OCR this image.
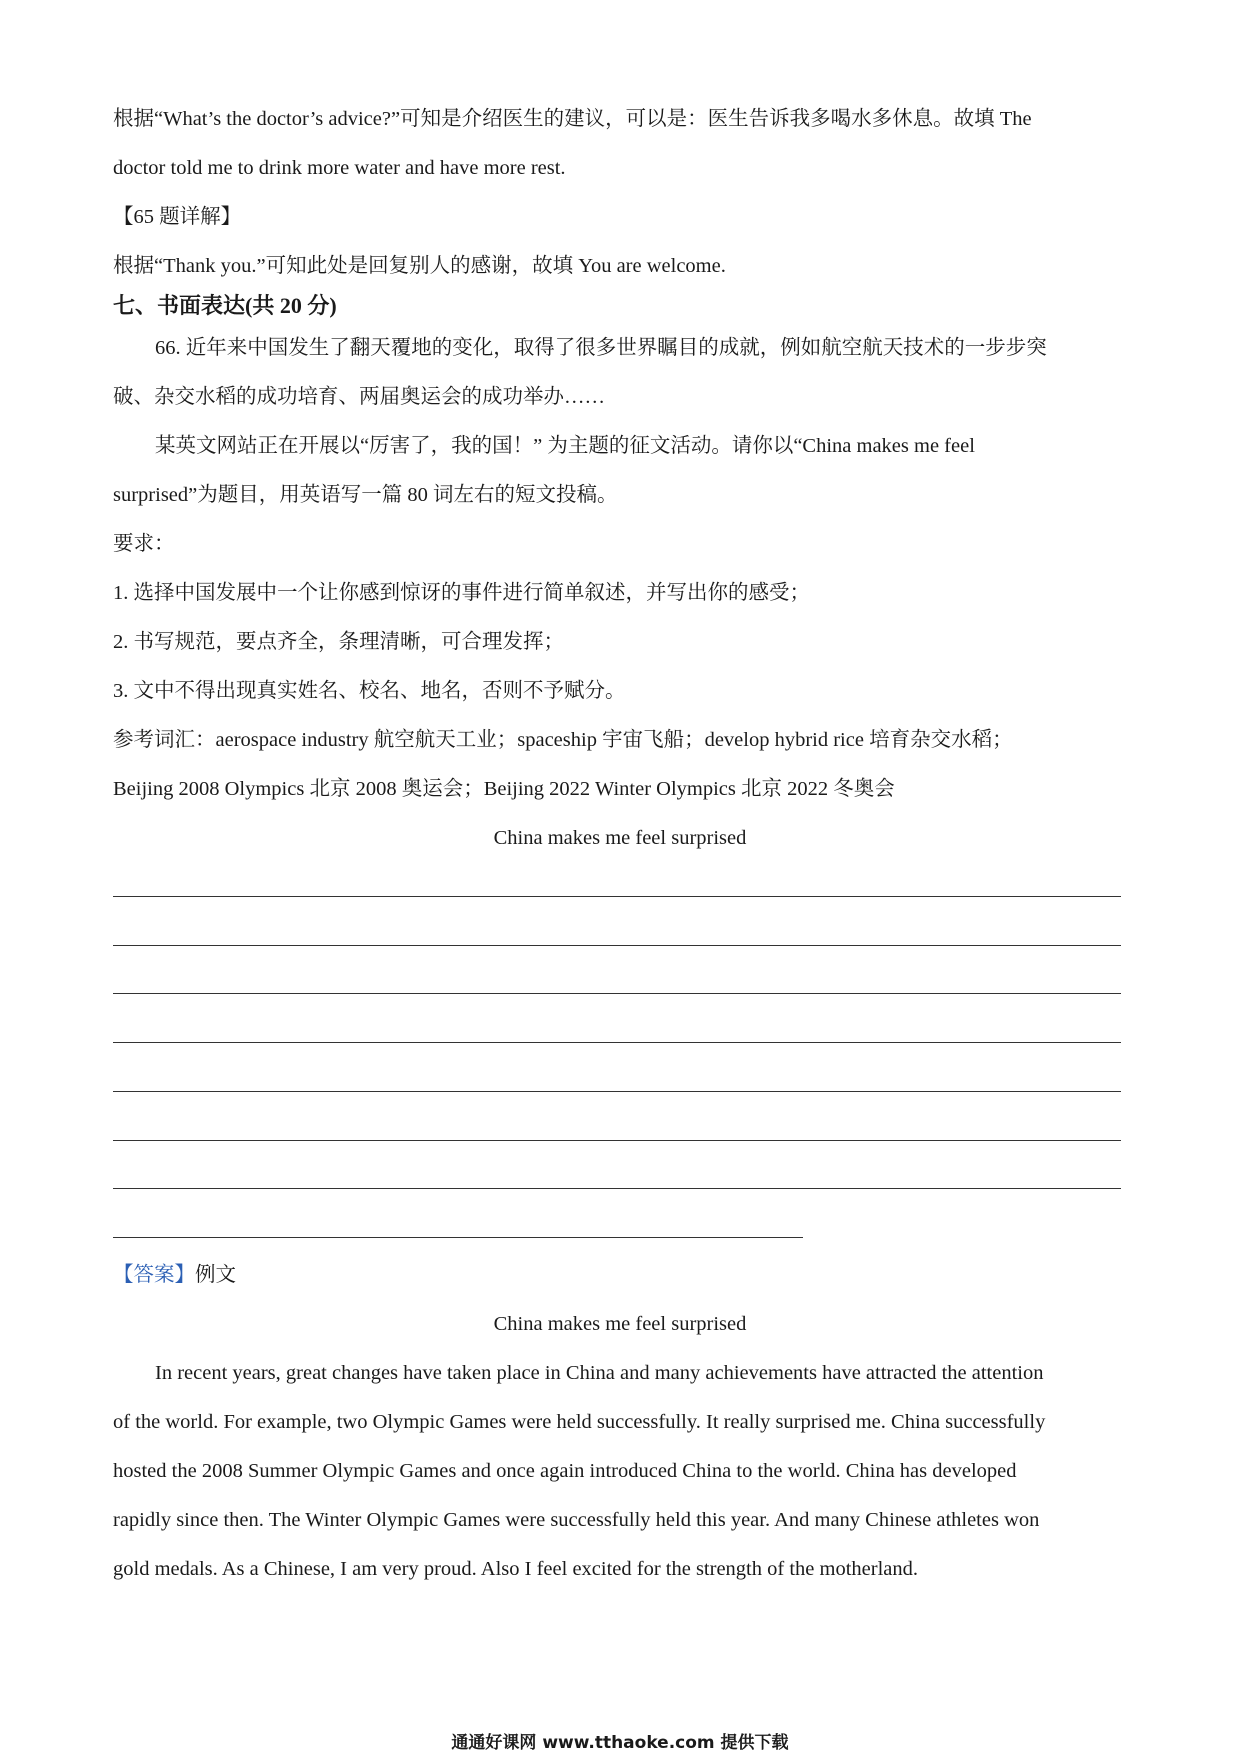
根据“What’s the doctor’s advice?”可知是介绍医生的建议，可以是：医生告诉我多喝水多休息。故填 The
doctor told me to drink more water and have more rest.
【65 题详解】
根据“Thank you.”可知此处是回复别人的感谢，故填 You are welcome.
七、书面表达(共 20 分)
66. 近年来中国发生了翻天覆地的变化，取得了很多世界瞩目的成就，例如航空航天技术的一步步突
破、杂交水稻的成功培育、两届奥运会的成功举办……
某英文网站正在开展以“厉害了，我的国！” 为主题的征文活动。请你以“China makes me feel
surprised”为题目，用英语写一篇 80 词左右的短文投稿。
要求：
1. 选择中国发展中一个让你感到惊讶的事件进行简单叙述，并写出你的感受；
2. 书写规范，要点齐全，条理清晰，可合理发挥；
3. 文中不得出现真实姓名、校名、地名，否则不予赋分。
参考词汇：aerospace industry 航空航天工业；spaceship 宇宙飞船；develop hybrid rice 培育杂交水稻；
Beijing 2008 Olympics 北京 2008 奥运会；Beijing 2022 Winter Olympics 北京 2022 冬奥会
China makes me feel surprised
【答案】例文
China makes me feel surprised
In recent years, great changes have taken place in China and many achievements have attracted the attention
of the world. For example, two Olympic Games were held successfully. It really surprised me. China successfully
hosted the 2008 Summer Olympic Games and once again introduced China to the world. China has developed
rapidly since then. The Winter Olympic Games were successfully held this year. And many Chinese athletes won
gold medals. As a Chinese, I am very proud. Also I feel excited for the strength of the motherland.
通通好课网 www.tthaoke.com 提供下载
